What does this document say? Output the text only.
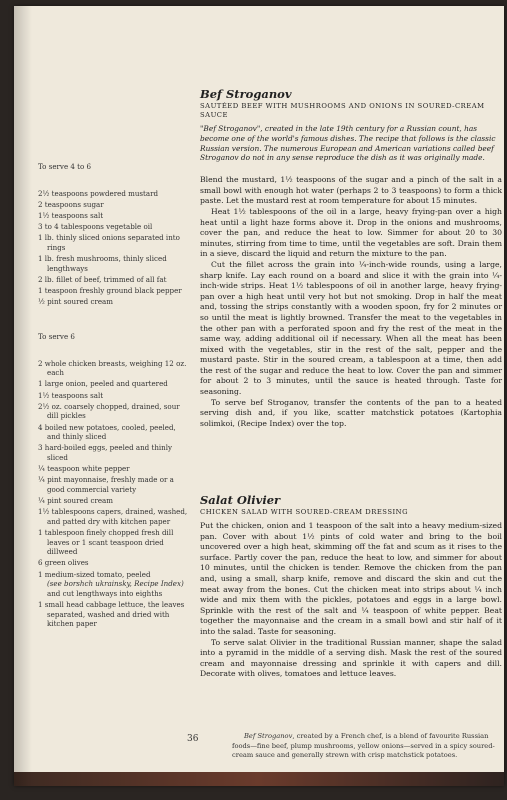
To serve 4 to 6
2½ teaspoons powdered mustard
2 teaspoons sugar
1½ teaspoons salt
3 to 4 tablespoons vegetable oil
1 lb. thinly sliced onions separated into rings
1 lb. fresh mushrooms, thinly sliced lengthways
2 lb. fillet of beef, trimmed of all fat
1 teaspoon freshly ground black pepper
½ pint soured cream
To serve 6
2 whole chicken breasts, weighing 12 oz. each
1 large onion, peeled and quartered
1½ teaspoons salt
2½ oz. coarsely chopped, drained, sour dill pickles
4 boiled new potatoes, cooled, peeled, and thinly sliced
3 hard-boiled eggs, peeled and thinly sliced
¼ teaspoon white pepper
¼ pint mayonnaise, freshly made or a good commercial variety
¼ pint soured cream
1½ tablespoons capers, drained, washed, and patted dry with kitchen paper
1 tablespoon finely chopped fresh dill leaves or 1 scant teaspoon dried dillweed
6 green olives
1 medium-sized tomato, peeled
(see borshch ukrainsky, Recipe Index)
and cut lengthways into eighths
1 small head cabbage lettuce, the leaves separated, washed and dried with kitchen paper
Bef Stroganov
SAUTÉED BEEF WITH MUSHROOMS AND ONIONS IN SOURED-CREAM SAUCE

"Bef Stroganov", created in the late 19th century for a Russian count, has become one of the world's famous dishes. The recipe that follows is the classic Russian version. The numerous European and American variations called beef Stroganov do not in any sense reproduce the dish as it was originally made.

Blend the mustard, 1½ teaspoons of the sugar and a pinch of the salt in a small bowl with enough hot water (perhaps 2 to 3 teaspoons) to form a thick paste. Let the mustard rest at room temperature for about 15 minutes.

Heat 1½ tablespoons of the oil in a large, heavy frying-pan over a high heat until a light haze forms above it. Drop in the onions and mushrooms, cover the pan, and reduce the heat to low. Simmer for about 20 to 30 minutes, stirring from time to time, until the vegetables are soft. Drain them in a sieve, discard the liquid and return the mixture to the pan.

Cut the fillet across the grain into ¼-inch-wide rounds, using a large, sharp knife. Lay each round on a board and slice it with the grain into ¼-inch-wide strips. Heat 1½ tablespoons of oil in another large, heavy frying-pan over a high heat until very hot but not smoking. Drop in half the meat and, tossing the strips constantly with a wooden spoon, fry for 2 minutes or so until the meat is lightly browned. Transfer the meat to the vegetables in the other pan with a perforated spoon and fry the rest of the meat in the same way, adding additional oil if necessary. When all the meat has been mixed with the vegetables, stir in the rest of the salt, pepper and the mustard paste. Stir in the soured cream, a tablespoon at a time, then add the rest of the sugar and reduce the heat to low. Cover the pan and simmer for about 2 to 3 minutes, until the sauce is heated through. Taste for seasoning.

To serve bef Stroganov, transfer the contents of the pan to a heated serving dish and, if you like, scatter matchstick potatoes (Kartophia solimkoi, (Recipe Index) over the top.

Salat Olivier
CHICKEN SALAD WITH SOURED-CREAM DRESSING

Put the chicken, onion and 1 teaspoon of the salt into a heavy medium-sized pan. Cover with about 1½ pints of cold water and bring to the boil uncovered over a high heat, skimming off the fat and scum as it rises to the surface. Partly cover the pan, reduce the heat to low, and simmer for about 10 minutes, until the chicken is tender. Remove the chicken from the pan and, using a small, sharp knife, remove and discard the skin and cut the meat away from the bones. Cut the chicken meat into strips about ¼ inch wide and mix them with the pickles, potatoes and eggs in a large bowl. Sprinkle with the rest of the salt and ¼ teaspoon of white pepper. Beat together the mayonnaise and the cream in a small bowl and stir half of it into the salad. Taste for seasoning.

To serve salat Olivier in the traditional Russian manner, shape the salad into a pyramid in the middle of a serving dish. Mask the rest of the soured cream and mayonnaise dressing and sprinkle it with capers and dill. Decorate with olives, tomatoes and lettuce leaves.

36	Bef Stroganov, created by a French chef, is a blend of favourite Russian foods—fine beef, plump mushrooms, yellow onions—served in a spicy soured-cream sauce and generally strewn with crisp matchstick potatoes.
